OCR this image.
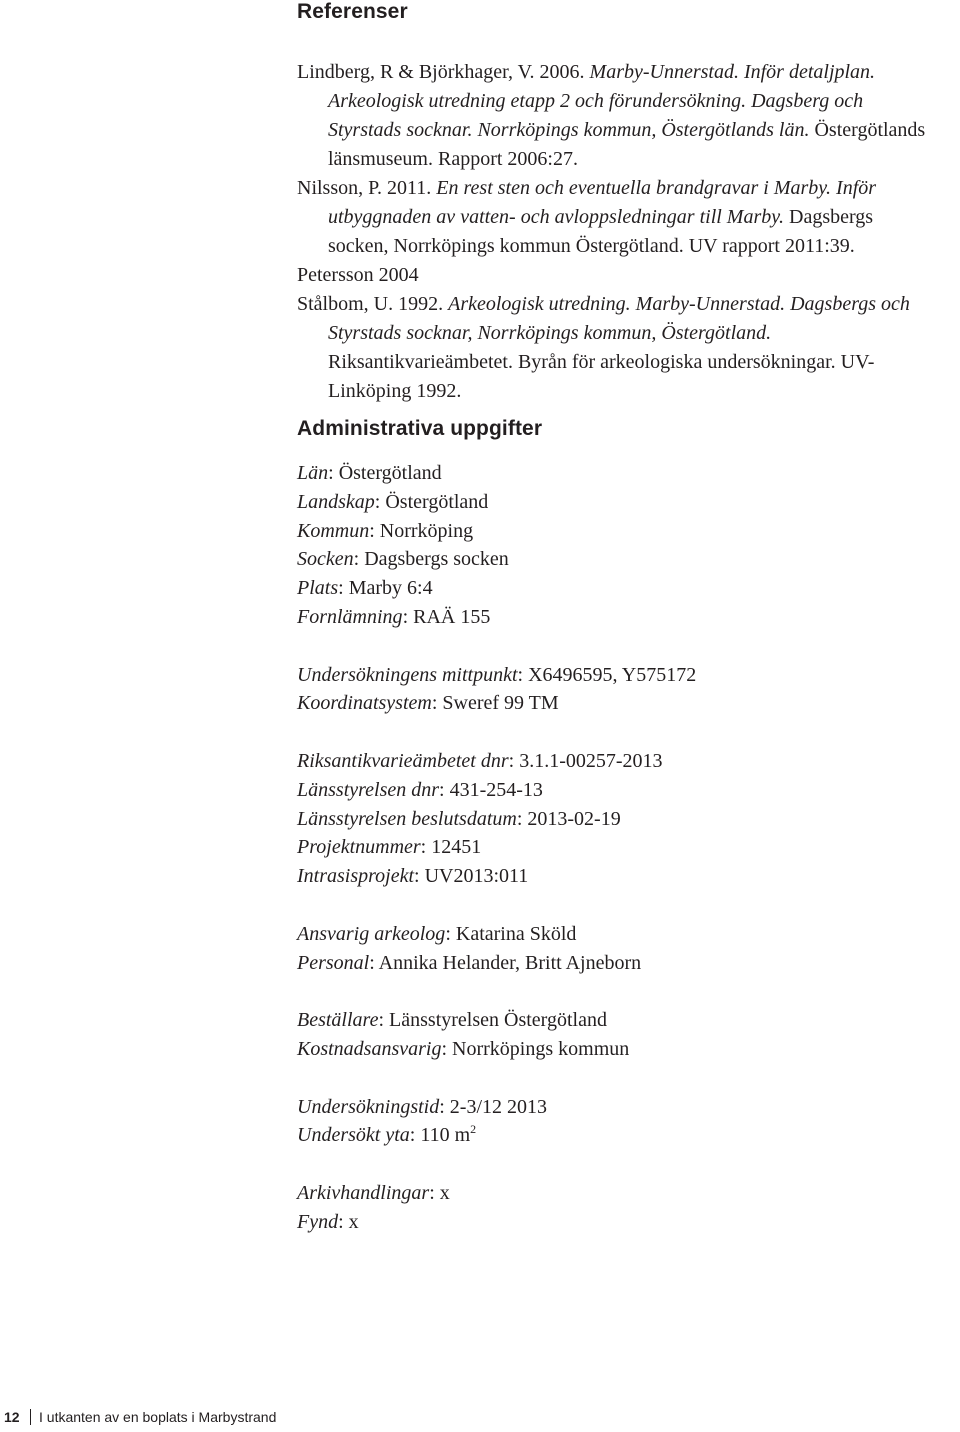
Referenser

Lindberg, R & Björkhager, V. 2006. Marby-Unnerstad. Inför detaljplan. Arkeologisk utredning etapp 2 och förundersökning. Dagsberg och Styrstads socknar. Norrköpings kommun, Östergötlands län. Östergötlands länsmuseum. Rapport 2006:27.

Nilsson, P. 2011. En rest sten och eventuella brandgravar i Marby. Inför utbyggnaden av vatten- och avloppsledningar till Marby. Dagsbergs socken, Norrköpings kommun Östergötland. UV rapport 2011:39.

Petersson 2004

Stålbom, U. 1992. Arkeologisk utredning. Marby-Unnerstad. Dagsbergs och Styrstads socknar, Norrköpings kommun, Östergötland. Riksantikvarieämbetet. Byrån för arkeologiska undersökningar. UV-Linköping 1992.

Administrativa uppgifter
Län: Östergötland
Landskap: Östergötland
Kommun: Norrköping
Socken: Dagsbergs socken
Plats: Marby 6:4
Fornlämning: RAÄ 155
Undersökningens mittpunkt: X6496595, Y575172
Koordinatsystem: Sweref 99 TM
Riksantikvarieämbetet dnr: 3.1.1-00257-2013
Länsstyrelsen dnr: 431-254-13
Länsstyrelsen beslutsdatum: 2013-02-19
Projektnummer: 12451
Intrasisprojekt: UV2013:011
Ansvarig arkeolog: Katarina Sköld
Personal: Annika Helander, Britt Ajneborn
Beställare: Länsstyrelsen Östergötland
Kostnadsansvarig: Norrköpings kommun
Undersökningstid: 2-3/12 2013
Undersökt yta: 110 $m^2$
Arkivhandlingar: x
Fynd: x
12 I utkanten av en boplats i Marbystrand
